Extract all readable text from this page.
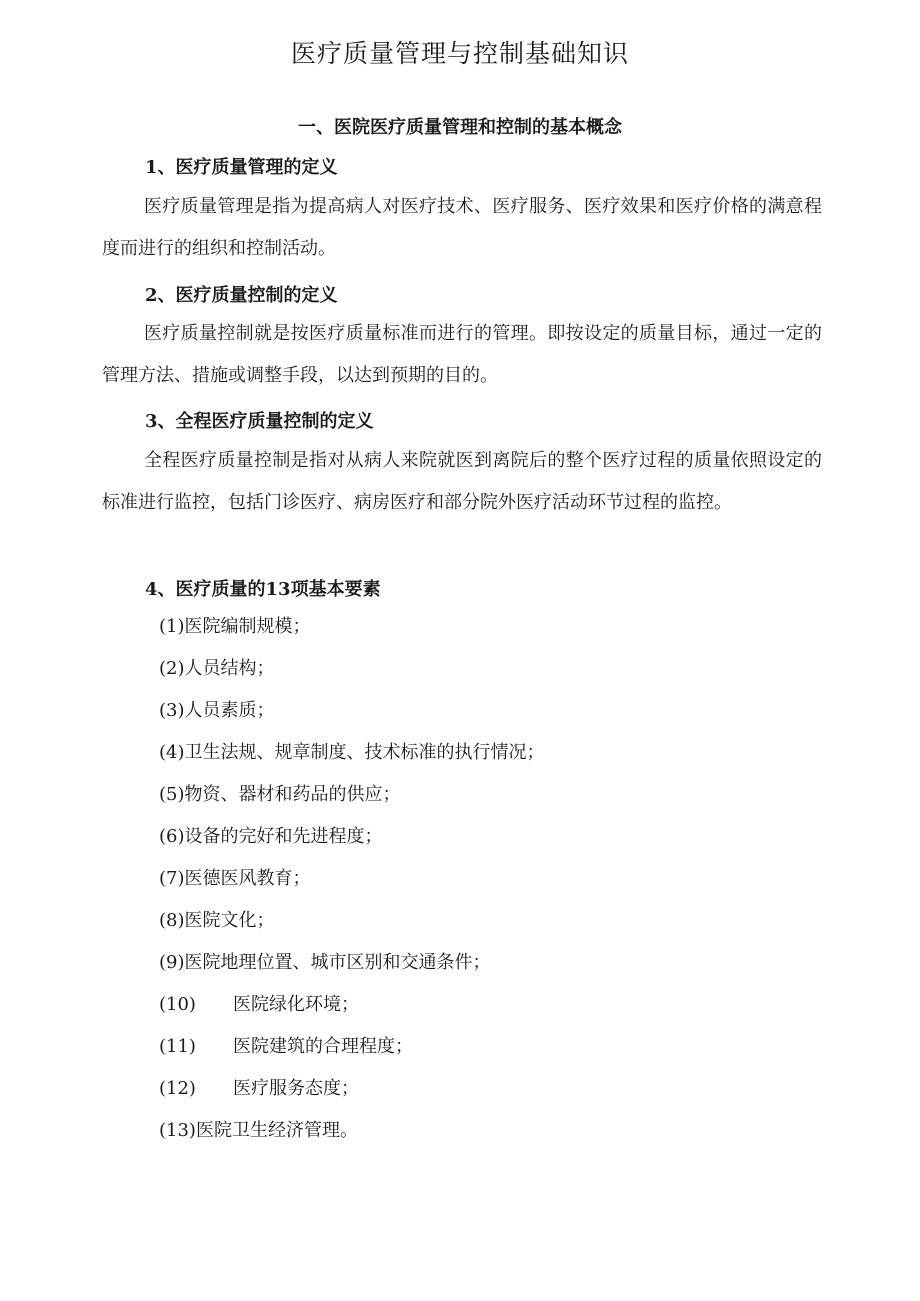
医疗质量管理与控制基础知识
一、医院医疗质量管理和控制的基本概念
1、医疗质量管理的定义

医疗质量管理是指为提高病人对医疗技术、医疗服务、医疗效果和医疗价格的满意程度而进行的组织和控制活动。

2、医疗质量控制的定义

医疗质量控制就是按医疗质量标准而进行的管理。即按设定的质量目标，通过一定的管理方法、措施或调整手段，以达到预期的目的。

3、全程医疗质量控制的定义

全程医疗质量控制是指对从病人来院就医到离院后的整个医疗过程的质量依照设定的标准进行监控，包括门诊医疗、病房医疗和部分院外医疗活动环节过程的监控。

4、医疗质量的13项基本要素
(1) 医院编制规模；
(2) 人员结构；
(3) 人员素质；
(4) 卫生法规、规章制度、技术标准的执行情况；
(5) 物资、器材和药品的供应；
(6) 设备的完好和先进程度；
(7) 医德医风教育；
(8) 医院文化；
(9) 医院地理位置、城市区别和交通条件；
(10)	医院绿化环境；
(11)	医院建筑的合理程度；
(12)	医疗服务态度；
(13) 医院卫生经济管理。
